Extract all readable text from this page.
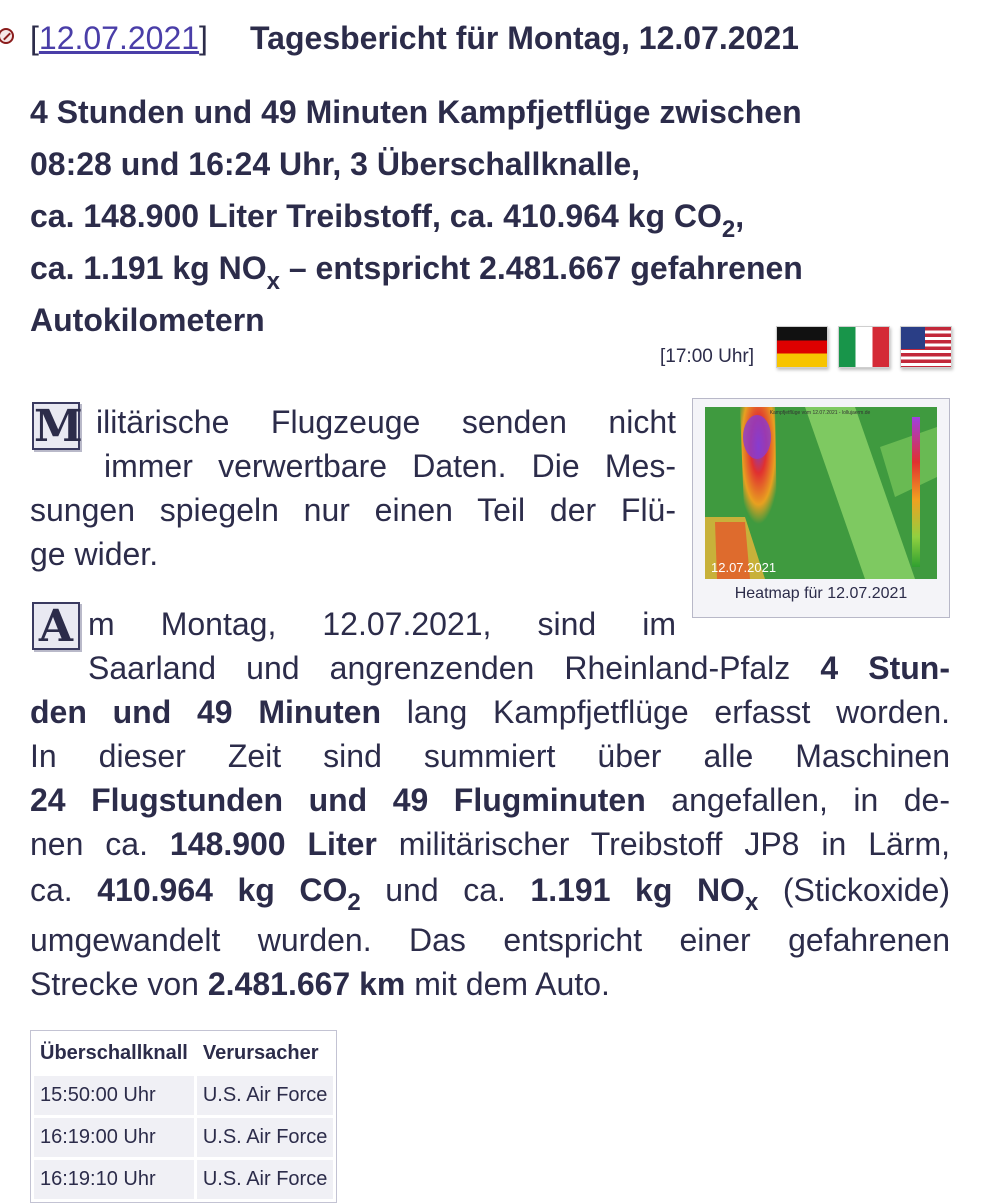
[12.07.2021] Tagesbericht für Montag, 12.07.2021
4 Stunden und 49 Minuten Kampfjetflüge zwischen
08:28 und 16:24 Uhr, 3 Überschallknalle,
ca. 148.900 Liter Treibstoff, ca. 410.964 kg $CO_2$,
ca. 1.191 kg $NO_x$ – entspricht 2.481.667 gefahrenen
Autokilometern
[17:00 Uhr]
M ilitärische Flugzeuge senden nicht
immer verwertbare Daten. Die Mes-
sungen spiegeln nur einen Teil der Flü-
ge wider.
Kampfjetflüge vom 12.07.2021 - lollujaerm.de
12.07.2021
Heatmap für 12.07.2021
A m Montag, 12.07.2021, sind im
Saarland und angrenzenden Rheinland-Pfalz 4 Stun-
den und 49 Minuten lang Kampfjetflüge erfasst worden.
In dieser Zeit sind summiert über alle Maschinen
24 Flugstunden und 49 Flugminuten angefallen, in de-
nen ca. 148.900 Liter militärischer Treibstoff JP8 in Lärm,
ca. 410.964 kg $CO_2$ und ca. 1.191 kg $NO_x$ (Stickoxide)
umgewandelt wurden. Das entspricht einer gefahrenen
Strecke von 2.481.667 km mit dem Auto.
Überschallknall	Verursacher
15:50:00 Uhr	U.S. Air Force
16:19:00 Uhr	U.S. Air Force
16:19:10 Uhr	U.S. Air Force
